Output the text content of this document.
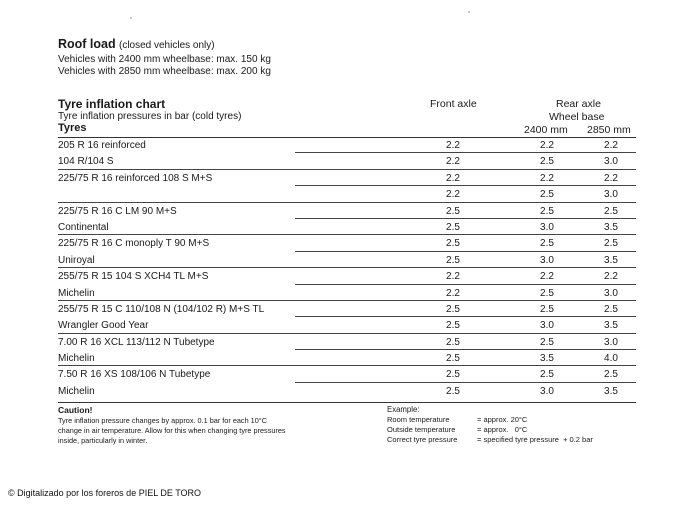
Roof load (closed vehicles only)
Vehicles with 2400 mm wheelbase: max. 150 kg
Vehicles with 2850 mm wheelbase: max. 200 kg
Tyre inflation chart
Tyre inflation pressures in bar (cold tyres)
Tyres
Front axle	Rear axle
Wheel base
2400 mm 2850 mm
205 R 16 reinforced	2.2	2.2	2.2
104 R/104 S	2.2	2.5	3.0
225/75 R 16 reinforced 108 S M+S	2.2	2.2	2.2
2.2	2.5	3.0
225/75 R 16 C LM 90 M+S	2.5	2.5	2.5
Continental	2.5	3.0	3.5
225/75 R 16 C monoply T 90 M+S	2.5	2.5	2.5
Uniroyal	2.5	3.0	3.5
255/75 R 15 104 S XCH4 TL M+S	2.2	2.2	2.2
Michelin	2.2	2.5	3.0
255/75 R 15 C 110/108 N (104/102 R) M+S TL	2.5	2.5	2.5
Wrangler Good Year	2.5	3.0	3.5
7.00 R 16 XCL 113/112 N Tubetype	2.5	2.5	3.0
Michelin	2.5	3.5	4.0
7.50 R 16 XS 108/106 N Tubetype	2.5	2.5	2.5
Michelin	2.5	3.0	3.5
Caution!
Tyre inflation pressure changes by approx. 0.1 bar for each 10°C
change in air temperature. Allow for this when changing tyre pressures
inside, particularly in winter.
Example:
Room temperature	= approx. 20°C
Outside temperature	= approx.   0°C
Correct tyre pressure	= specified tyre pressure  + 0.2 bar
© Digitalizado por los foreros de PIEL DE TORO
